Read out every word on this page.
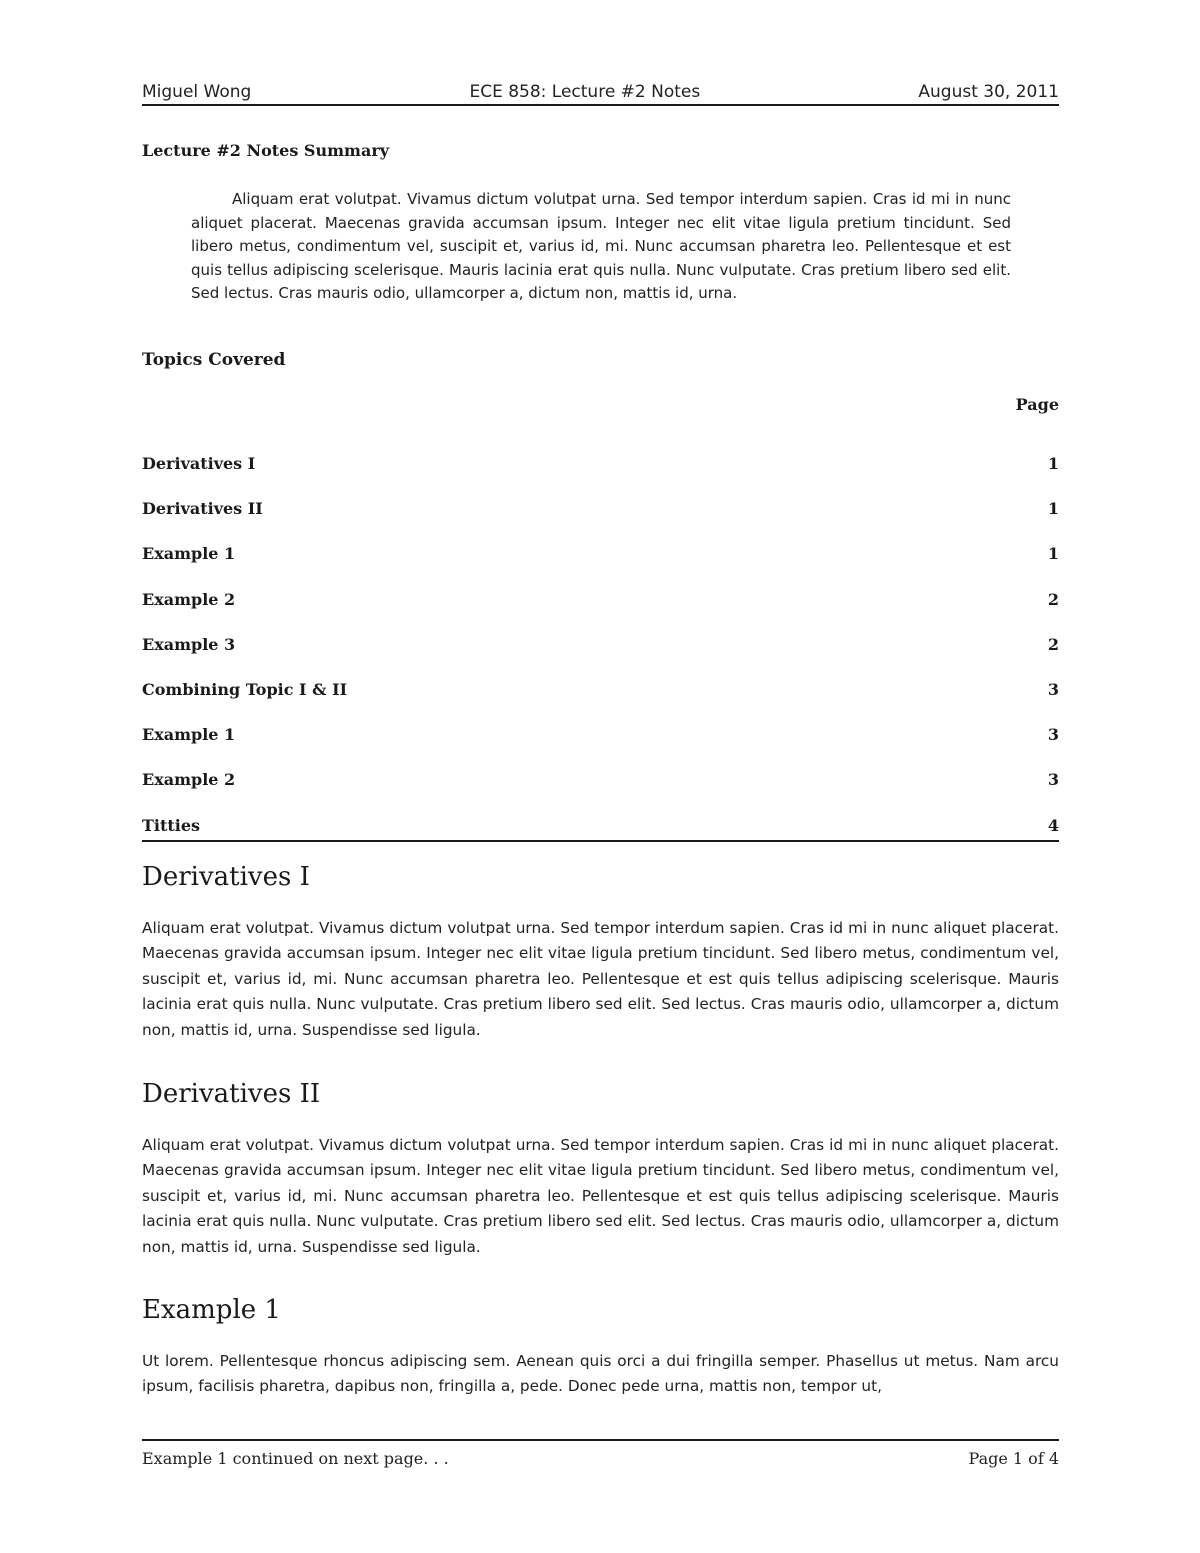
Miguel Wong	ECE 858: Lecture #2 Notes	August 30, 2011
Lecture #2 Notes Summary
Aliquam erat volutpat. Vivamus dictum volutpat urna. Sed tempor interdum sapien. Cras id mi in nunc aliquet placerat. Maecenas gravida accumsan ipsum. Integer nec elit vitae ligula pretium tincidunt. Sed libero metus, condimentum vel, suscipit et, varius id, mi. Nunc accumsan pharetra leo. Pellentesque et est quis tellus adipiscing scelerisque. Mauris lacinia erat quis nulla. Nunc vulputate. Cras pretium libero sed elit. Sed lectus. Cras mauris odio, ullamcorper a, dictum non, mattis id, urna.
Topics Covered
Page
Derivatives I	1
Derivatives II	1
Example 1	1
Example 2	2
Example 3	2
Combining Topic I & II	3
Example 1	3
Example 2	3
Titties	4
Derivatives I
Aliquam erat volutpat. Vivamus dictum volutpat urna. Sed tempor interdum sapien. Cras id mi in nunc aliquet placerat. Maecenas gravida accumsan ipsum. Integer nec elit vitae ligula pretium tincidunt. Sed libero metus, condimentum vel, suscipit et, varius id, mi. Nunc accumsan pharetra leo. Pellentesque et est quis tellus adipiscing scelerisque. Mauris lacinia erat quis nulla. Nunc vulputate. Cras pretium libero sed elit. Sed lectus. Cras mauris odio, ullamcorper a, dictum non, mattis id, urna. Suspendisse sed ligula.
Derivatives II
Aliquam erat volutpat. Vivamus dictum volutpat urna. Sed tempor interdum sapien. Cras id mi in nunc aliquet placerat. Maecenas gravida accumsan ipsum. Integer nec elit vitae ligula pretium tincidunt. Sed libero metus, condimentum vel, suscipit et, varius id, mi. Nunc accumsan pharetra leo. Pellentesque et est quis tellus adipiscing scelerisque. Mauris lacinia erat quis nulla. Nunc vulputate. Cras pretium libero sed elit. Sed lectus. Cras mauris odio, ullamcorper a, dictum non, mattis id, urna. Suspendisse sed ligula.
Example 1
Ut lorem. Pellentesque rhoncus adipiscing sem. Aenean quis orci a dui fringilla semper. Phasellus ut metus. Nam arcu ipsum, facilisis pharetra, dapibus non, fringilla a, pede. Donec pede urna, mattis non, tempor ut,
Example 1 continued on next page. . .	Page 1 of 4
